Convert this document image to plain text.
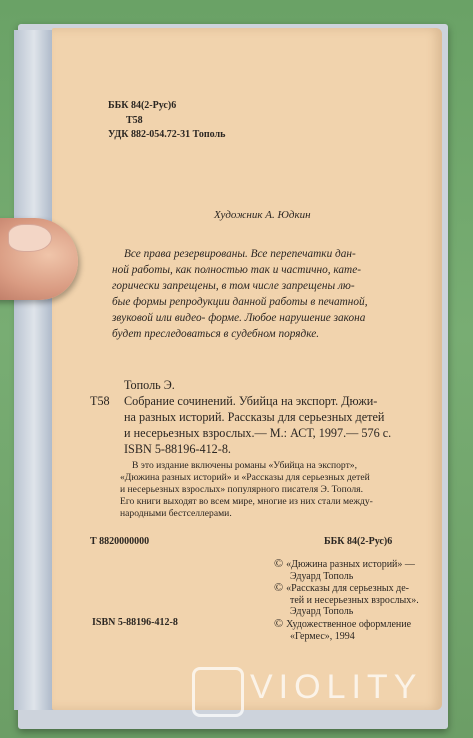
ББК 84(2-Рус)6

Т58

УДК 882-054.72-31 Тополь

Художник А. Юдкин

Все права резервированы. Все перепечатки дан-

ной работы, как полностью так и частично, кате-

горически запрещены, в том числе запрещены лю-

бые формы репродукции данной работы в печатной,

звуковой или видео- форме. Любое нарушение закона

будет преследоваться в судебном порядке.

Тополь Э.

Т58 Собрание сочинений. Убийца на экспорт. Дюжи-

на разных историй. Рассказы для серьезных детей

и несерьезных взрослых.— М.: АСТ, 1997.— 576 с.

ISBN 5-88196-412-8.

В это издание включены романы «Убийца на экспорт»,

«Дюжина разных историй» и «Рассказы для серьезных детей

и несерьезных взрослых» популярного писателя Э. Тополя.

Его книги выходят во всем мире, многие из них стали между-

народными бестселлерами.

Т 8820000000	ББК 84(2-Рус)6

© «Дюжина разных историй» —
Эдуард Тополь
© «Рассказы для серьезных де-
тей и несерьезных взрослых».
Эдуард Тополь
© Художественное оформление
«Гермес», 1994

ISBN 5-88196-412-8

VIOLITY
